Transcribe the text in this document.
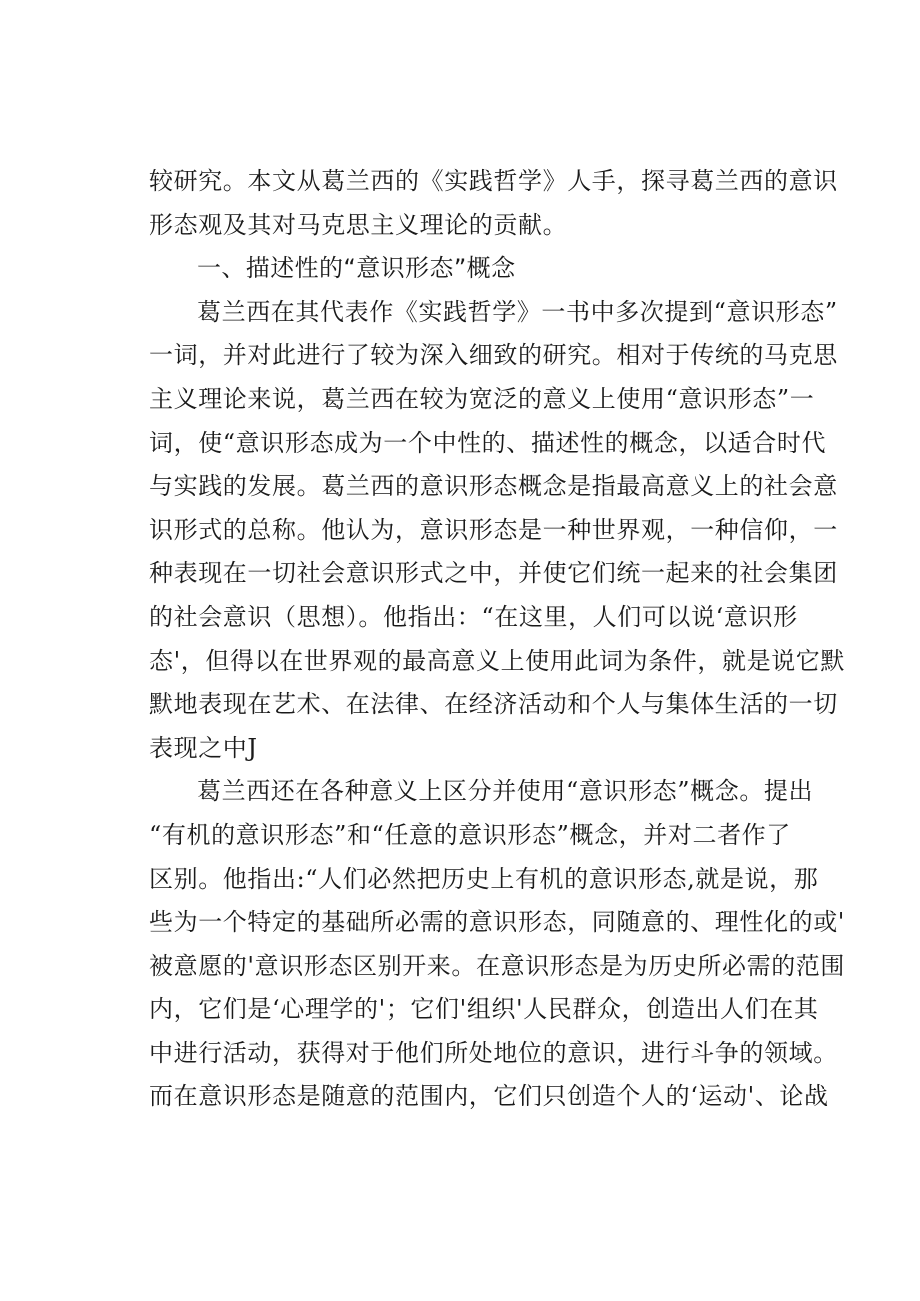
较研究。本文从葛兰西的《实践哲学》人手，探寻葛兰西的意识
形态观及其对马克思主义理论的贡献。
一、描述性的“意识形态”概念
葛兰西在其代表作《实践哲学》一书中多次提到“意识形态”
一词，并对此进行了较为深入细致的研究。相对于传统的马克思
主义理论来说，葛兰西在较为宽泛的意义上使用“意识形态”一
词，使“意识形态成为一个中性的、描述性的概念，以适合时代
与实践的发展。葛兰西的意识形态概念是指最高意义上的社会意
识形式的总称。他认为，意识形态是一种世界观，一种信仰，一
种表现在一切社会意识形式之中，并使它们统一起来的社会集团
的社会意识（思想）。他指出：“在这里，人们可以说‘意识形
态'，但得以在世界观的最高意义上使用此词为条件，就是说它默
默地表现在艺术、在法律、在经济活动和个人与集体生活的一切
表现之中J
葛兰西还在各种意义上区分并使用“意识形态”概念。提出
“有机的意识形态”和“任意的意识形态”概念，并对二者作了
区别。他指出:“人们必然把历史上有机的意识形态,就是说，那
些为一个特定的基础所必需的意识形态，同随意的、理性化的或'
被意愿的'意识形态区别开来。在意识形态是为历史所必需的范围
内，它们是‘心理学的'；它们'组织'人民群众，创造出人们在其
中进行活动，获得对于他们所处地位的意识，进行斗争的领域。
而在意识形态是随意的范围内，它们只创造个人的‘运动'、论战
